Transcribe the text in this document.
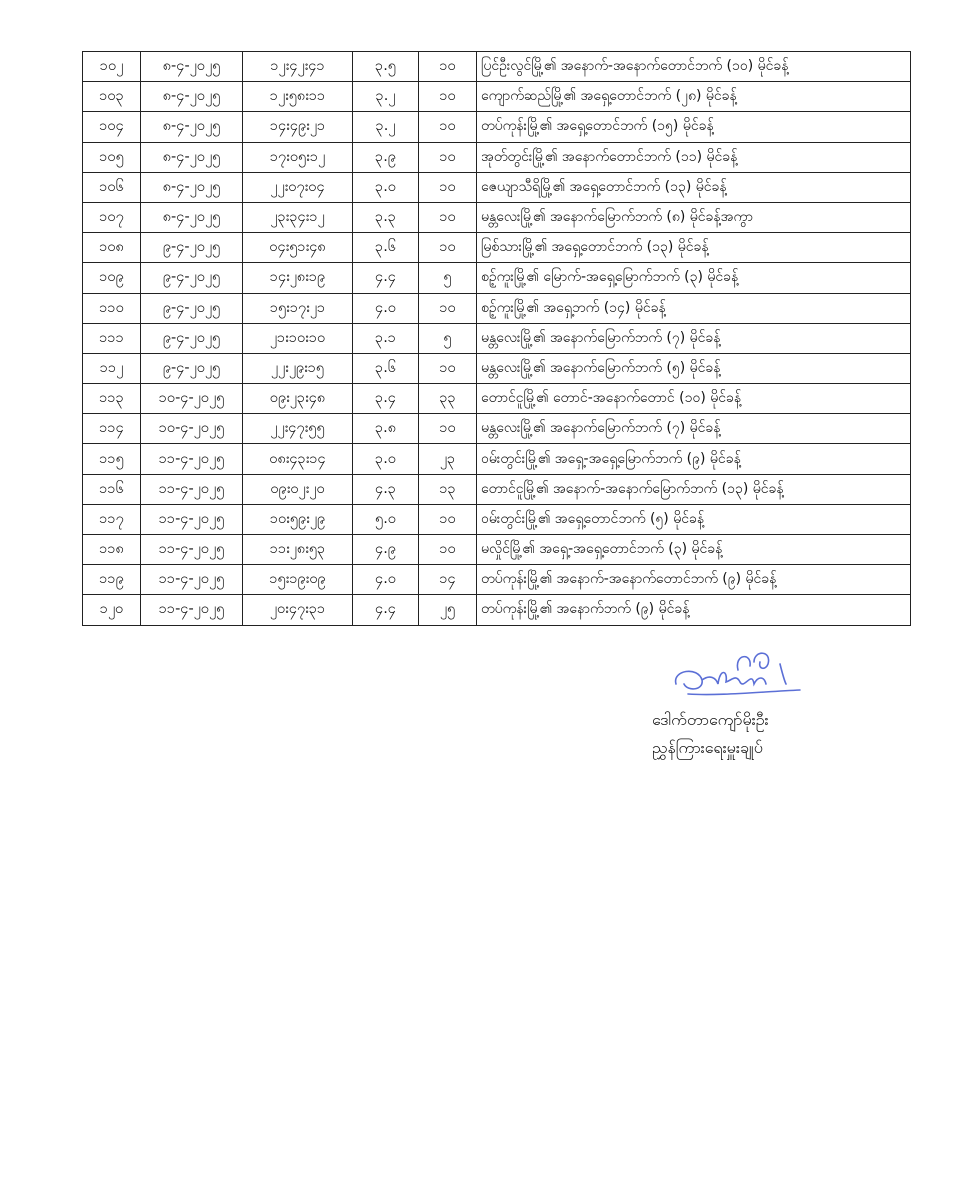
၁၀၂	၈-၄-၂၀၂၅	၁၂း၄၂း၄၁	၃.၅	၁၀	ပြင်ဦးလွင်မြို့၏ အနောက်-အနောက်တောင်ဘက် (၁၀) မိုင်ခန့်
၁၀၃	၈-၄-၂၀၂၅	၁၂း၅၈း၁၁	၃.၂	၁၀	ကျောက်ဆည်မြို့၏ အရှေ့တောင်ဘက် (၂၈) မိုင်ခန့်
၁၀၄	၈-၄-၂၀၂၅	၁၄း၄၉း၂၁	၃.၂	၁၀	တပ်ကုန်းမြို့၏ အရှေ့တောင်ဘက် (၁၅) မိုင်ခန့်
၁၀၅	၈-၄-၂၀၂၅	၁၇း၀၅း၁၂	၃.၉	၁၀	အုတ်တွင်းမြို့၏ အနောက်တောင်ဘက် (၁၁) မိုင်ခန့်
၁၀၆	၈-၄-၂၀၂၅	၂၂း၀၇း၀၄	၃.၀	၁၀	ဇေယျာသီရိမြို့၏ အရှေ့တောင်ဘက် (၁၃) မိုင်ခန့်
၁၀၇	၈-၄-၂၀၂၅	၂၃း၃၄း၁၂	၃.၃	၁၀	မန္တလေးမြို့၏ အနောက်မြောက်ဘက် (၈) မိုင်ခန့်အကွာ
၁၀၈	၉-၄-၂၀၂၅	၀၄း၅၁း၄၈	၃.၆	၁၀	မြစ်သားမြို့၏ အရှေ့တောင်ဘက် (၁၃) မိုင်ခန့်
၁၀၉	၉-၄-၂၀၂၅	၁၄း၂၈း၁၉	၄.၄	၅	စဉ့်ကူးမြို့၏ မြောက်-အရှေ့မြောက်ဘက် (၃) မိုင်ခန့်
၁၁၀	၉-၄-၂၀၂၅	၁၅း၁၇း၂၁	၄.၀	၁၀	စဉ့်ကူးမြို့၏ အရှေ့ဘက် (၁၄) မိုင်ခန့်
၁၁၁	၉-၄-၂၀၂၅	၂၁း၁၀း၁၀	၃.၁	၅	မန္တလေးမြို့၏ အနောက်မြောက်ဘက် (၇) မိုင်ခန့်
၁၁၂	၉-၄-၂၀၂၅	၂၂း၂၉း၁၅	၃.၆	၁၀	မန္တလေးမြို့၏ အနောက်မြောက်ဘက် (၅) မိုင်ခန့်
၁၁၃	၁၀-၄-၂၀၂၅	၀၉း၂၃း၄၈	၃.၄	၃၃	တောင်ငူမြို့၏ တောင်-အနောက်တောင် (၁၀) မိုင်ခန့်
၁၁၄	၁၀-၄-၂၀၂၅	၂၂း၄၇း၅၅	၃.၈	၁၀	မန္တလေးမြို့၏ အနောက်မြောက်ဘက် (၇) မိုင်ခန့်
၁၁၅	၁၁-၄-၂၀၂၅	၀၈း၄၃း၁၄	၃.၀	၂၃	ဝမ်းတွင်းမြို့၏ အရှေ့-အရှေ့မြောက်ဘက် (၉) မိုင်ခန့်
၁၁၆	၁၁-၄-၂၀၂၅	၀၉း၀၂း၂၀	၄.၃	၁၃	တောင်ငူမြို့၏ အနောက်-အနောက်မြောက်ဘက် (၁၃) မိုင်ခန့်
၁၁၇	၁၁-၄-၂၀၂၅	၁၀း၅၉း၂၉	၅.၀	၁၀	ဝမ်းတွင်းမြို့၏ အရှေ့တောင်ဘက် (၅) မိုင်ခန့်
၁၁၈	၁၁-၄-၂၀၂၅	၁၁း၂၈း၅၃	၄.၉	၁၀	မလှိုင်မြို့၏ အရှေ့-အရှေ့တောင်ဘက် (၃) မိုင်ခန့်
၁၁၉	၁၁-၄-၂၀၂၅	၁၅း၁၉း၀၉	၄.၀	၁၄	တပ်ကုန်းမြို့၏ အနောက်-အနောက်တောင်ဘက် (၉) မိုင်ခန့်
၁၂၀	၁၁-၄-၂၀၂၅	၂၀း၄၇း၃၁	၄.၄	၂၅	တပ်ကုန်းမြို့၏ အနောက်ဘက် (၉) မိုင်ခန့်
ဒေါက်တာကျော်မိုးဦး
ညွှန်ကြားရေးမှူးချုပ်
